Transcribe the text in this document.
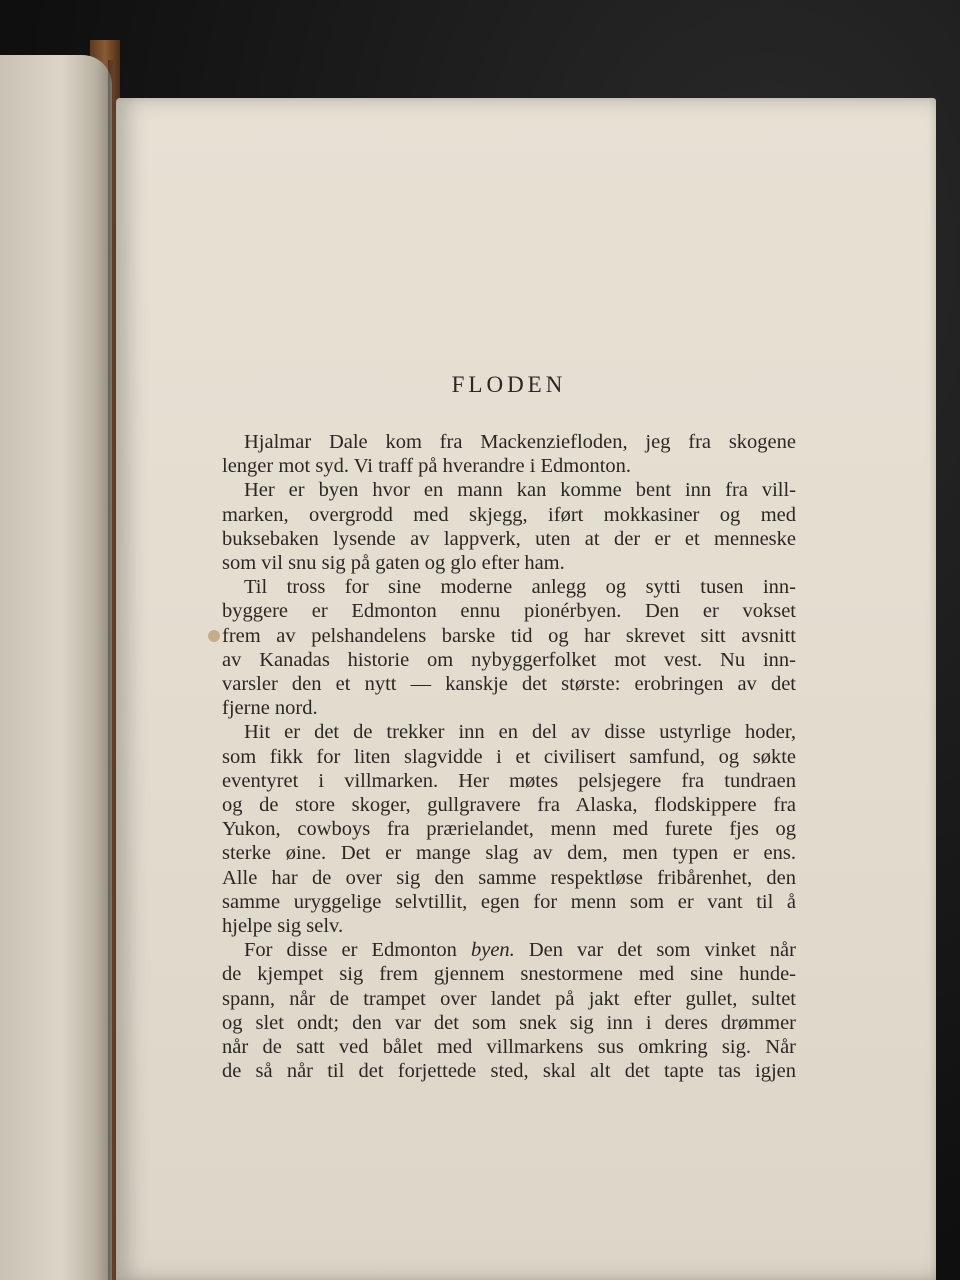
FLODEN

Hjalmar Dale kom fra Mackenziefloden, jeg fra skogene
lenger mot syd. Vi traff på hverandre i Edmonton.

Her er byen hvor en mann kan komme bent inn fra vill-
marken, overgrodd med skjegg, iført mokkasiner og med
buksebaken lysende av lappverk, uten at der er et menneske
som vil snu sig på gaten og glo efter ham.

Til tross for sine moderne anlegg og sytti tusen inn-
byggere er Edmonton ennu pionérbyen. Den er vokset
frem av pelshandelens barske tid og har skrevet sitt avsnitt
av Kanadas historie om nybyggerfolket mot vest. Nu inn-
varsler den et nytt — kanskje det største: erobringen av det
fjerne nord.

Hit er det de trekker inn en del av disse ustyrlige hoder,
som fikk for liten slagvidde i et civilisert samfund, og søkte
eventyret i villmarken. Her møtes pelsjegere fra tundraen
og de store skoger, gullgravere fra Alaska, flodskippere fra
Yukon, cowboys fra prærielandet, menn med furete fjes og
sterke øine. Det er mange slag av dem, men typen er ens.
Alle har de over sig den samme respektløse fribårenhet, den
samme uryggelige selvtillit, egen for menn som er vant til å
hjelpe sig selv.

For disse er Edmonton byen. Den var det som vinket når
de kjempet sig frem gjennem snestormene med sine hunde-
spann, når de trampet over landet på jakt efter gullet, sultet
og slet ondt; den var det som snek sig inn i deres drømmer
når de satt ved bålet med villmarkens sus omkring sig. Når
de så når til det forjettede sted, skal alt det tapte tas igjen
